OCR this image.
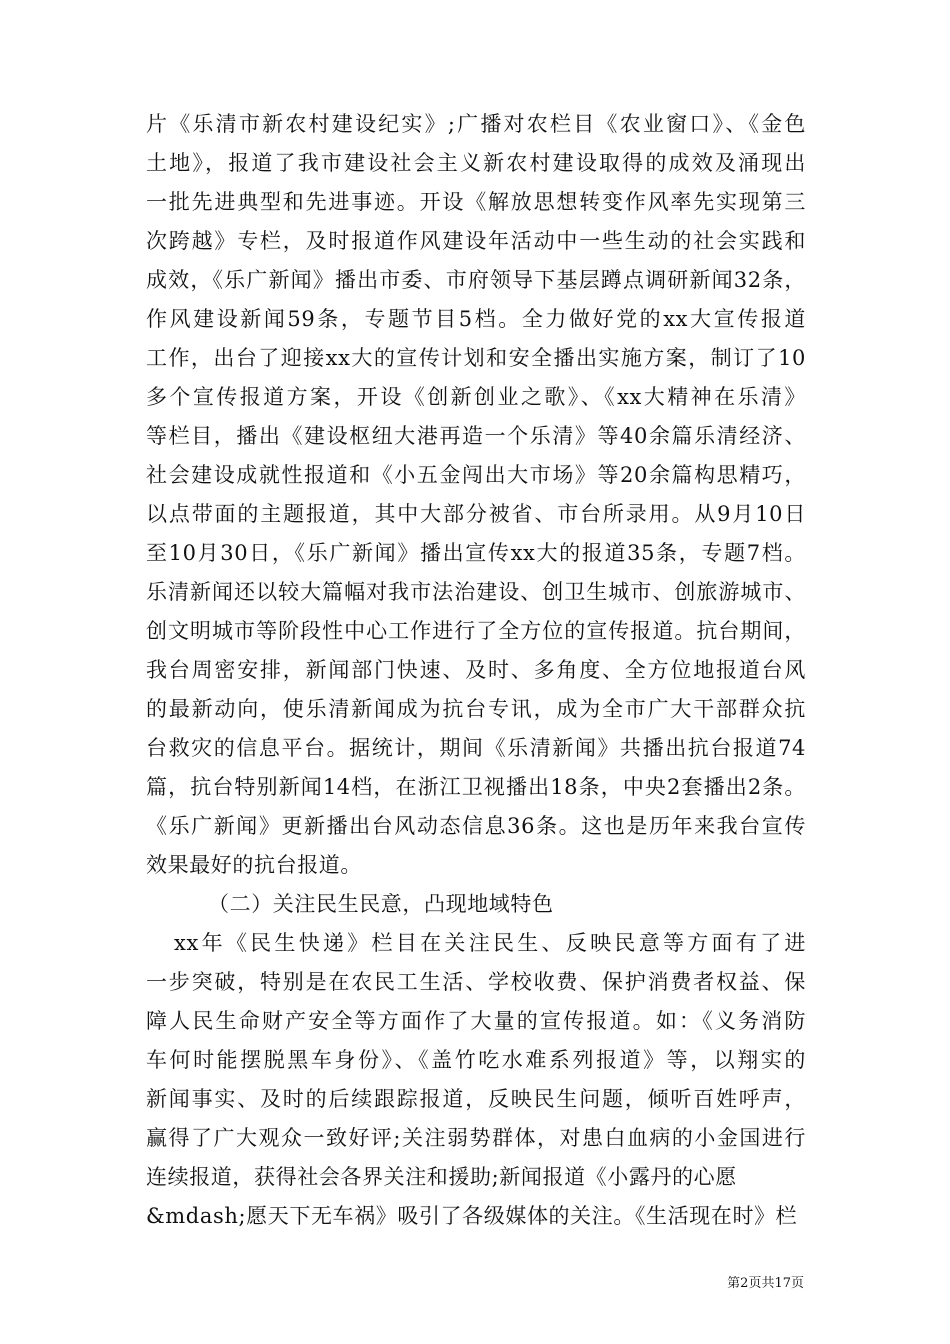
片《乐清市新农村建设纪实》;广播对农栏目《农业窗口》、《金色
土地》，报道了我市建设社会主义新农村建设取得的成效及涌现出
一批先进典型和先进事迹。开设《解放思想转变作风率先实现第三
次跨越》专栏，及时报道作风建设年活动中一些生动的社会实践和
成效，《乐广新闻》播出市委、市府领导下基层蹲点调研新闻32条，
作风建设新闻59条，专题节目5档。全力做好党的xx大宣传报道
工作，出台了迎接xx大的宣传计划和安全播出实施方案，制订了10
多个宣传报道方案，开设《创新创业之歌》、《xx大精神在乐清》
等栏目，播出《建设枢纽大港再造一个乐清》等40余篇乐清经济、
社会建设成就性报道和《小五金闯出大市场》等20余篇构思精巧，
以点带面的主题报道，其中大部分被省、市台所录用。从9月10日
至10月30日，《乐广新闻》播出宣传xx大的报道35条，专题7档。
乐清新闻还以较大篇幅对我市法治建设、创卫生城市、创旅游城市、
创文明城市等阶段性中心工作进行了全方位的宣传报道。抗台期间，
我台周密安排，新闻部门快速、及时、多角度、全方位地报道台风
的最新动向，使乐清新闻成为抗台专讯，成为全市广大干部群众抗
台救灾的信息平台。据统计，期间《乐清新闻》共播出抗台报道74
篇，抗台特别新闻14档，在浙江卫视播出18条，中央2套播出2条。
《乐广新闻》更新播出台风动态信息36条。这也是历年来我台宣传
效果最好的抗台报道。
（二）关注民生民意，凸现地域特色
xx年《民生快递》栏目在关注民生、反映民意等方面有了进
一步突破，特别是在农民工生活、学校收费、保护消费者权益、保
障人民生命财产安全等方面作了大量的宣传报道。如：《义务消防
车何时能摆脱黑车身份》、《盖竹吃水难系列报道》等，以翔实的
新闻事实、及时的后续跟踪报道，反映民生问题，倾听百姓呼声，
赢得了广大观众一致好评;关注弱势群体，对患白血病的小金国进行
连续报道，获得社会各界关注和援助;新闻报道《小露丹的心愿
&mdash;愿天下无车祸》吸引了各级媒体的关注。《生活现在时》栏
第2页共17页
